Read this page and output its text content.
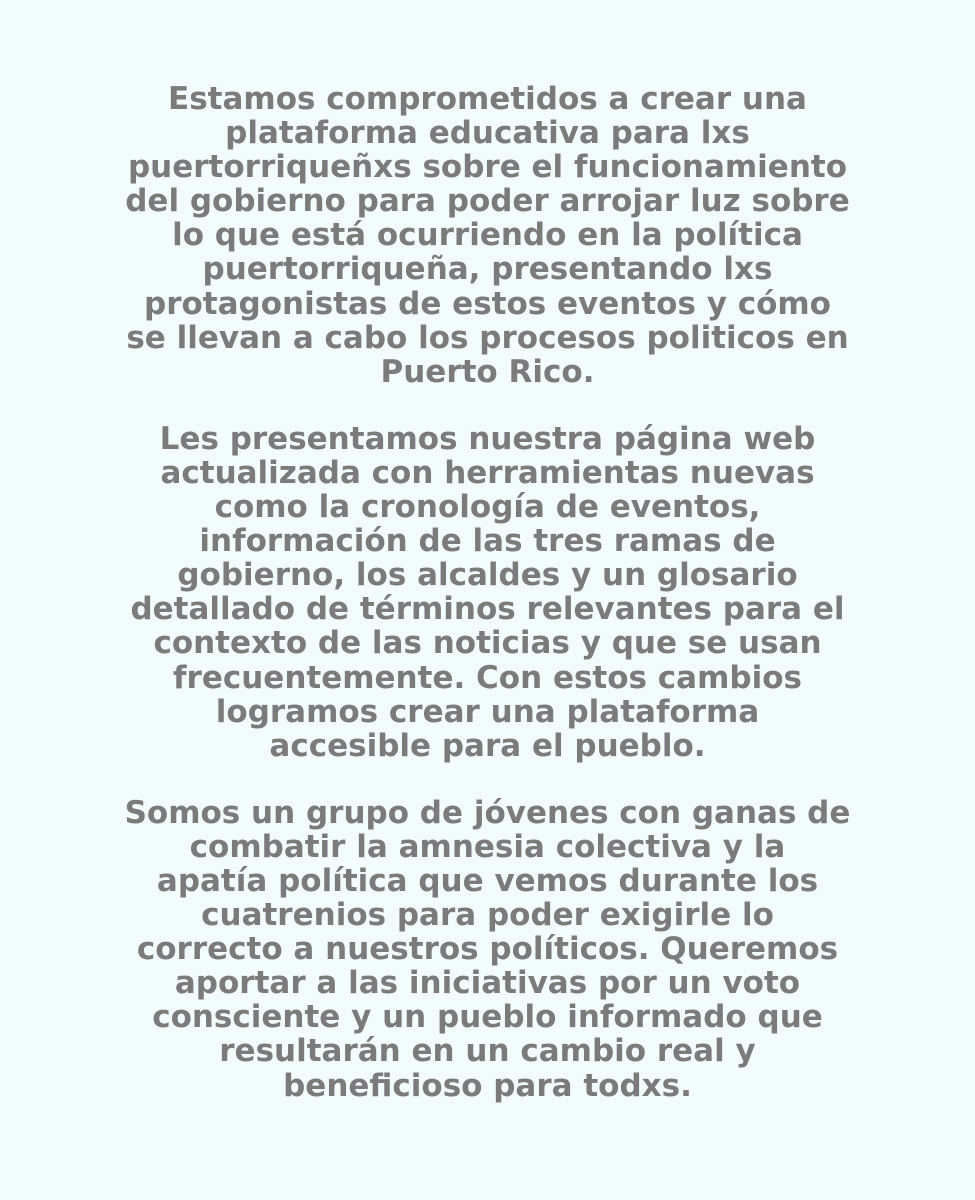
Estamos comprometidos a crear una
plataforma educativa para lxs
puertorriqueñxs sobre el funcionamiento
del gobierno para poder arrojar luz sobre
lo que está ocurriendo en la política
puertorriqueña, presentando lxs
protagonistas de estos eventos y cómo
se llevan a cabo los procesos politicos en
Puerto Rico.

Les presentamos nuestra página web
actualizada con herramientas nuevas
como la cronología de eventos,
información de las tres ramas de
gobierno, los alcaldes y un glosario
detallado de términos relevantes para el
contexto de las noticias y que se usan
frecuentemente. Con estos cambios
logramos crear una plataforma
accesible para el pueblo.

Somos un grupo de jóvenes con ganas de
combatir la amnesia colectiva y la
apatía política que vemos durante los
cuatrenios para poder exigirle lo
correcto a nuestros políticos. Queremos
aportar a las iniciativas por un voto
consciente y un pueblo informado que
resultarán en un cambio real y
beneficioso para todxs.
